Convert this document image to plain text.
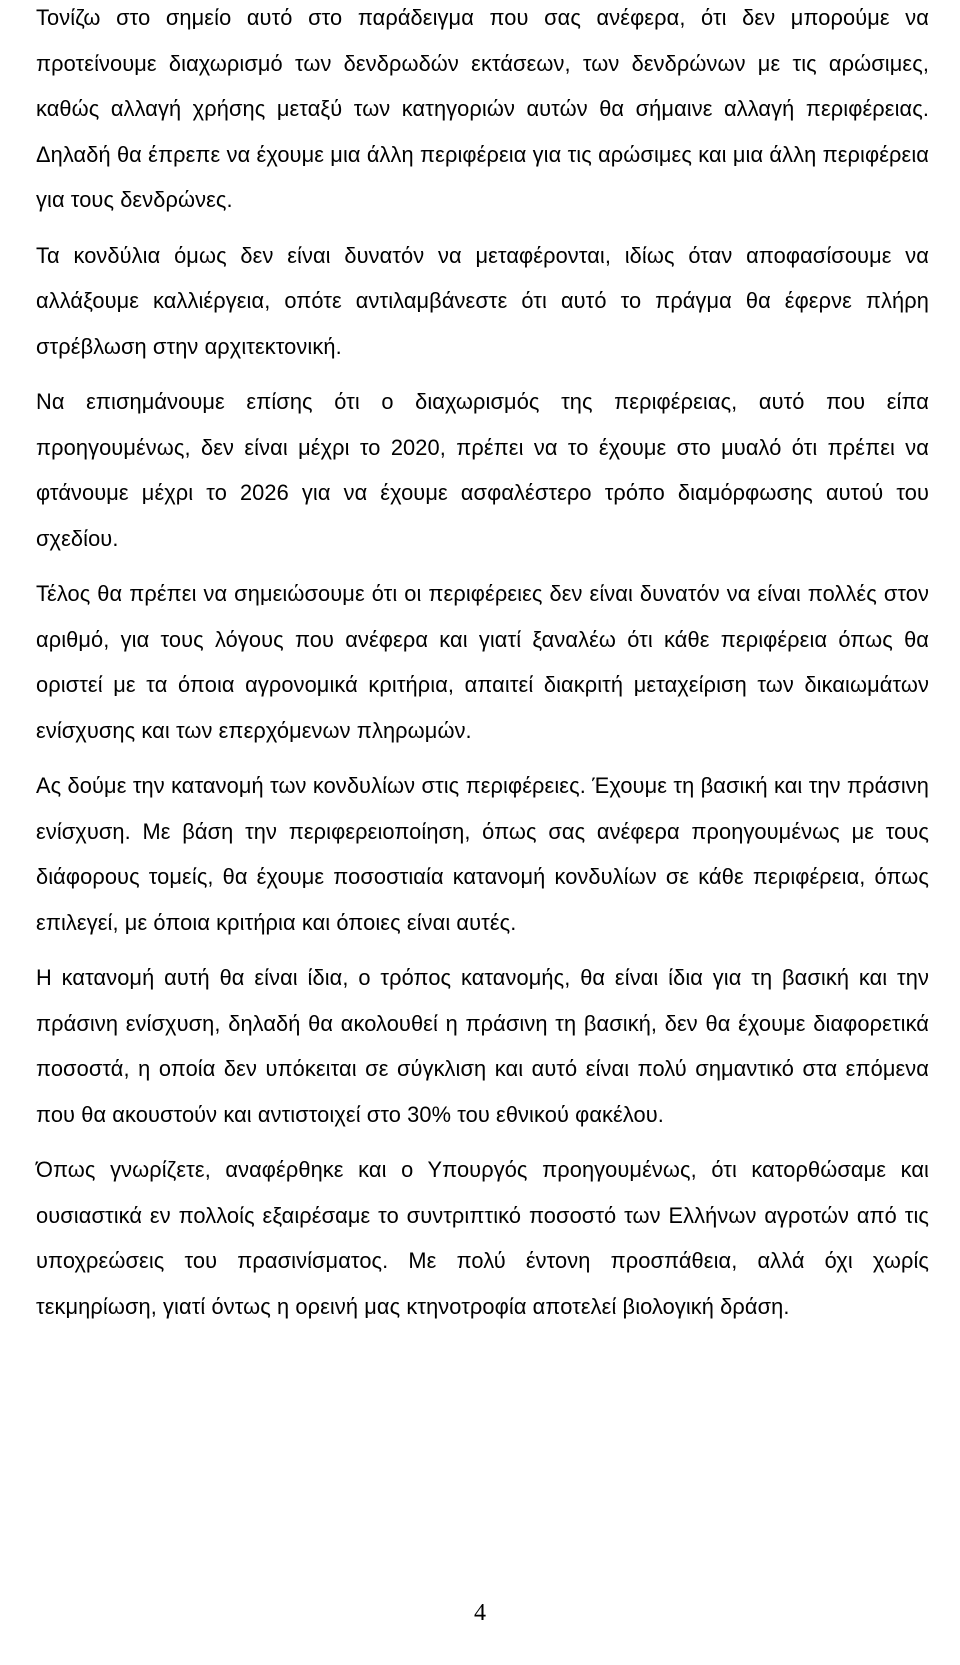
Τονίζω στο σημείο αυτό στο παράδειγμα που σας ανέφερα, ότι δεν μπορούμε να προτείνουμε διαχωρισμό των δενδρωδών εκτάσεων, των δενδρώνων με τις αρώσιμες, καθώς αλλαγή χρήσης μεταξύ των κατηγοριών αυτών θα σήμαινε αλλαγή περιφέρειας. Δηλαδή θα έπρεπε να έχουμε μια άλλη περιφέρεια για τις αρώσιμες και μια άλλη περιφέρεια για τους δενδρώνες.

Τα κονδύλια όμως δεν είναι δυνατόν να μεταφέρονται, ιδίως όταν αποφασίσουμε να αλλάξουμε καλλιέργεια, οπότε αντιλαμβάνεστε ότι αυτό το πράγμα θα έφερνε πλήρη στρέβλωση στην αρχιτεκτονική.

Να επισημάνουμε επίσης ότι ο διαχωρισμός της περιφέρειας, αυτό που είπα προηγουμένως, δεν είναι μέχρι το 2020, πρέπει να το έχουμε στο μυαλό ότι πρέπει να φτάνουμε μέχρι το 2026 για να έχουμε ασφαλέστερο τρόπο διαμόρφωσης αυτού του σχεδίου.

Τέλος θα πρέπει να σημειώσουμε ότι οι περιφέρειες δεν είναι δυνατόν να είναι πολλές στον αριθμό, για τους λόγους που ανέφερα και γιατί ξαναλέω ότι κάθε περιφέρεια όπως θα οριστεί με τα όποια αγρονομικά κριτήρια, απαιτεί διακριτή μεταχείριση των δικαιωμάτων ενίσχυσης και των επερχόμενων πληρωμών.

Ας δούμε την κατανομή των κονδυλίων στις περιφέρειες. Έχουμε τη βασική και την πράσινη ενίσχυση. Με βάση την περιφερειοποίηση, όπως σας ανέφερα προηγουμένως με τους διάφορους τομείς, θα έχουμε ποσοστιαία κατανομή κονδυλίων σε κάθε περιφέρεια, όπως επιλεγεί, με όποια κριτήρια και όποιες είναι αυτές.

Η κατανομή αυτή θα είναι ίδια, ο τρόπος κατανομής, θα είναι ίδια για τη βασική και την πράσινη ενίσχυση, δηλαδή θα ακολουθεί η πράσινη τη βασική, δεν θα έχουμε διαφορετικά ποσοστά, η οποία δεν υπόκειται σε σύγκλιση και αυτό είναι πολύ σημαντικό στα επόμενα που θα ακουστούν και αντιστοιχεί στο 30% του εθνικού φακέλου.

Όπως γνωρίζετε, αναφέρθηκε και ο Υπουργός προηγουμένως, ότι κατορθώσαμε και ουσιαστικά εν πολλοίς εξαιρέσαμε το συντριπτικό ποσοστό των Ελλήνων αγροτών από τις υποχρεώσεις του πρασινίσματος. Με πολύ έντονη προσπάθεια, αλλά όχι χωρίς τεκμηρίωση, γιατί όντως η ορεινή μας κτηνοτροφία αποτελεί βιολογική δράση.

4
